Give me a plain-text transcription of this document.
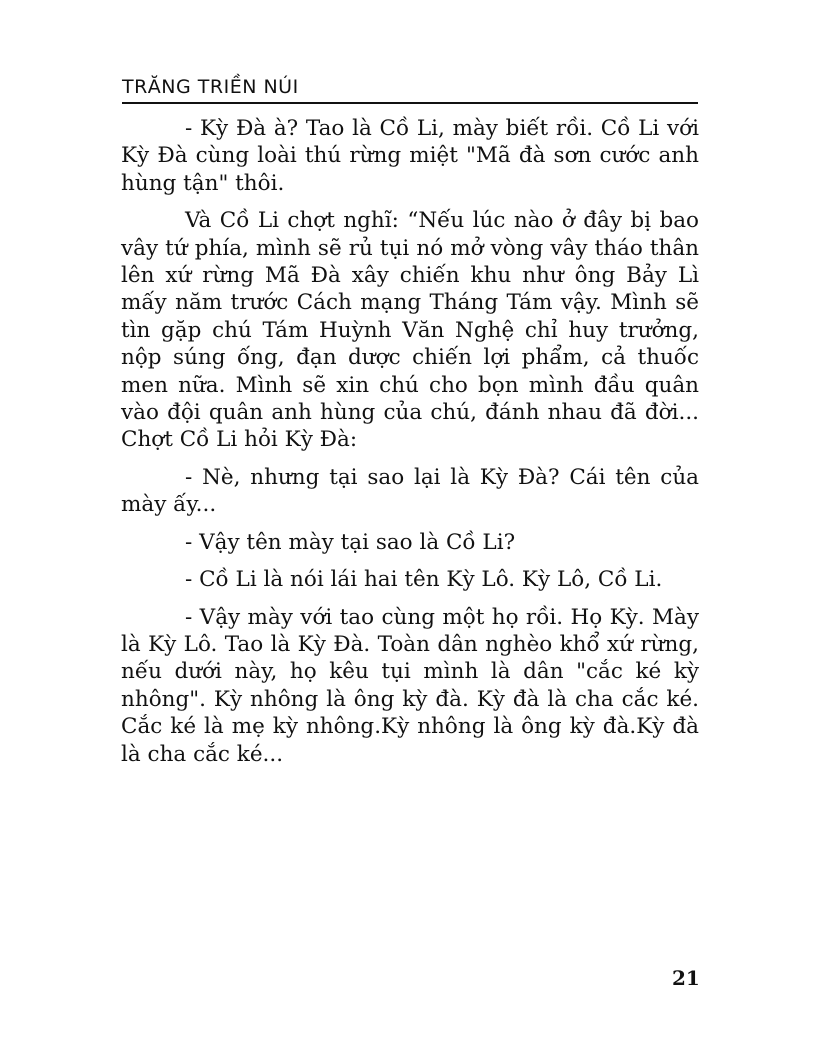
TRĂNG TRIỀN NÚI

- Kỳ Đà à? Tao là Cồ Li, mày biết rồi. Cồ Li với Kỳ Đà cùng loài thú rừng miệt "Mã đà sơn cước anh hùng tận" thôi.

Và Cồ Li chợt nghĩ: “Nếu lúc nào ở đây bị bao vây tứ phía, mình sẽ rủ tụi nó mở vòng vây tháo thân lên xứ rừng Mã Đà xây chiến khu như ông Bảy Lì mấy năm trước Cách mạng Tháng Tám vậy. Mình sẽ tìn gặp chú Tám Huỳnh Văn Nghệ chỉ huy trưởng, nộp súng ống, đạn dược chiến lợi phẩm, cả thuốc men nữa. Mình sẽ xin chú cho bọn mình đầu quân vào đội quân anh hùng của chú, đánh nhau đã đời... Chợt Cồ Li hỏi Kỳ Đà:

- Nè, nhưng tại sao lại là Kỳ Đà? Cái tên của mày ấy...

- Vậy tên mày tại sao là Cồ Li?

- Cồ Li là nói lái hai tên Kỳ Lô. Kỳ Lô, Cồ Li.

- Vậy mày với tao cùng một họ rồi. Họ Kỳ. Mày là Kỳ Lô. Tao là Kỳ Đà. Toàn dân nghèo khổ xứ rừng, nếu dưới này, họ kêu tụi mình là dân "cắc ké kỳ nhông". Kỳ nhông là ông kỳ đà. Kỳ đà là cha cắc ké. Cắc ké là mẹ kỳ nhông.Kỳ nhông là ông kỳ đà.Kỳ đà là cha cắc ké...

21
